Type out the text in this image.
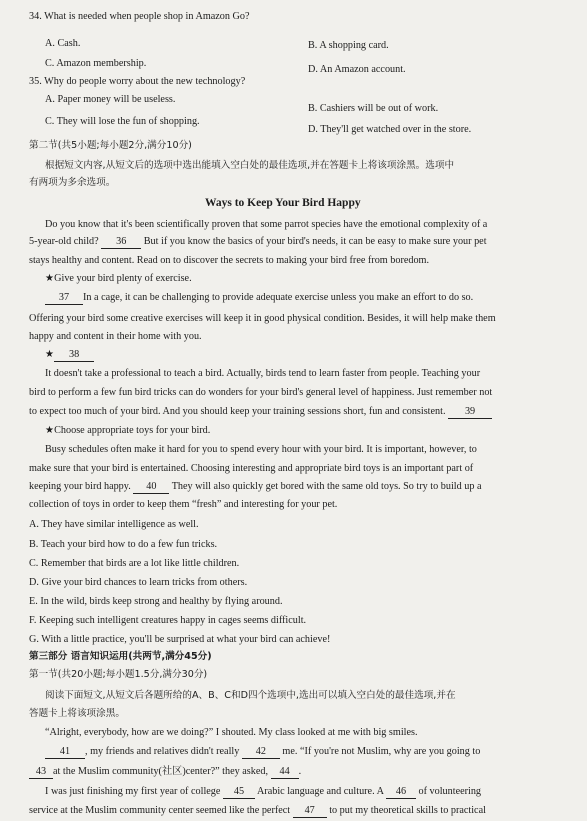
34. What is needed when people shop in Amazon Go?
A. Cash.	B. A shopping card.
C. Amazon membership.
D. An Amazon account.
35. Why do people worry about the new technology?
A. Paper money will be useless.
B. Cashiers will be out of work.
C. They will lose the fun of shopping.
D. They'll get watched over in the store.
第二节(共5小题;每小题2分,满分10分)
根据短文内容,从短文后的选项中选出能填入空白处的最佳选项,并在答题卡上将该项涂黑。选项中
有两项为多余选项。
Ways to Keep Your Bird Happy
Do you know that it's been scientifically proven that some parrot species have the emotional complexity of a
5-year-old child? 36 But if you know the basics of your bird's needs, it can be easy to make sure your pet
stays healthy and content. Read on to discover the secrets to making your bird free from boredom.
★Give your bird plenty of exercise.
37 In a cage, it can be challenging to provide adequate exercise unless you make an effort to do so.
Offering your bird some creative exercises will keep it in good physical condition. Besides, it will help make them
happy and content in their home with you.
★ 38
It doesn't take a professional to teach a bird. Actually, birds tend to learn faster from people. Teaching your
bird to perform a few fun bird tricks can do wonders for your bird's general level of happiness. Just remember not
to expect too much of your bird. And you should keep your training sessions short, fun and consistent. 39
★Choose appropriate toys for your bird.
Busy schedules often make it hard for you to spend every hour with your bird. It is important, however, to
make sure that your bird is entertained. Choosing interesting and appropriate bird toys is an important part of
keeping your bird happy. 40 They will also quickly get bored with the same old toys. So try to build up a
collection of toys in order to keep them “fresh” and interesting for your pet.
A. They have similar intelligence as well.
B. Teach your bird how to do a few fun tricks.
C. Remember that birds are a lot like little children.
D. Give your bird chances to learn tricks from others.
E. In the wild, birds keep strong and healthy by flying around.
F. Keeping such intelligent creatures happy in cages seems difficult.
G. With a little practice, you'll be surprised at what your bird can achieve!
第三部分 语言知识运用(共两节,满分45分)
第一节(共20小题;每小题1.5分,满分30分)
阅读下面短文,从短文后各题所给的A、B、C和D四个选项中,选出可以填入空白处的最佳选项,并在
答题卡上将该项涂黑。
“Alright, everybody, how are we doing?” I shouted. My class looked at me with big smiles.
41 , my friends and relatives didn't really 42 me. “If you're not Muslim, why are you going to
43 at the Muslim community(社区)center?” they asked, 44 .
I was just finishing my first year of college 45 Arabic language and culture. A 46 of volunteering
service at the Muslim community center seemed like the perfect 47 to put my theoretical skills to practical
